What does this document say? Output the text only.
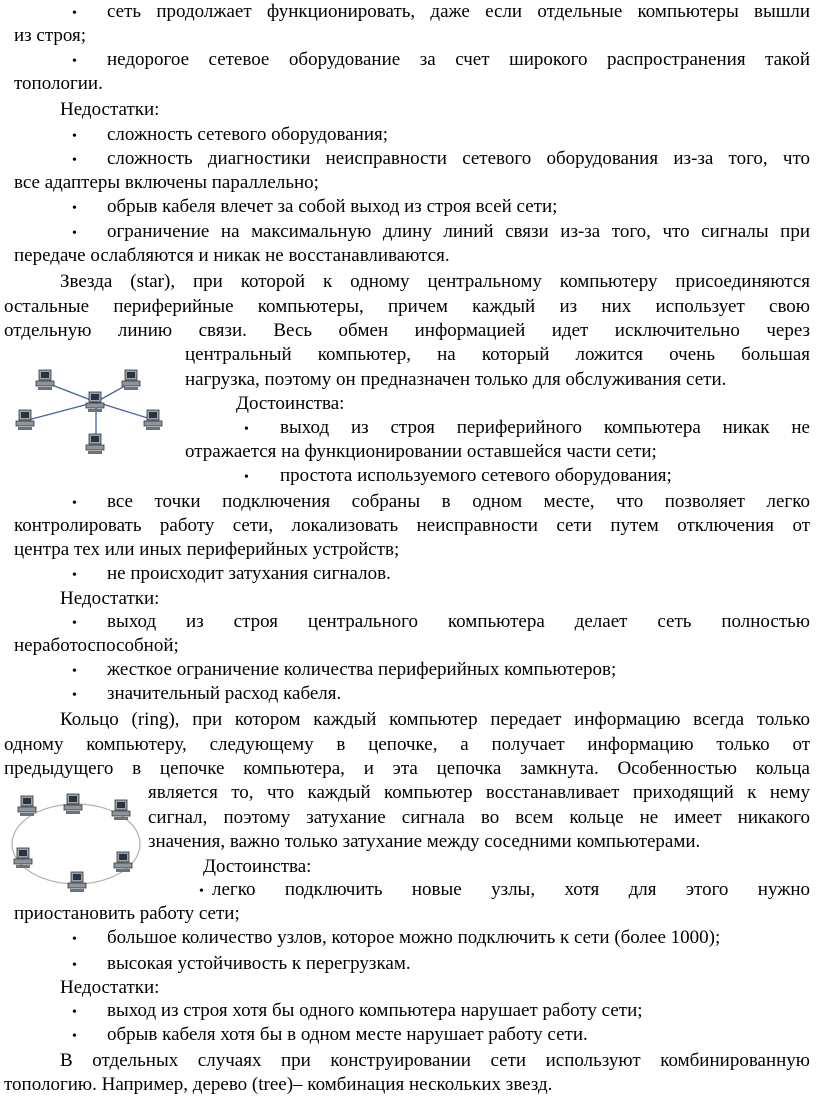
•
•
•
•
•
•
•
•
•
•
•
•
•
•
•
•
•
•
сеть продолжает функционировать, даже если отдельные компьютеры вышли
из строя;
недорогое сетевое оборудование за счет широкого распространения такой
топологии.
Недостатки:
сложность сетевого оборудования;
сложность диагностики неисправности сетевого оборудования из-за того, что
все адаптеры включены параллельно;
обрыв кабеля влечет за собой выход из строя всей сети;
ограничение на максимальную длину линий связи из-за того, что сигналы при
передаче ослабляются и никак не восстанавливаются.
Звезда (star), при которой к одному центральному компьютеру присоединяются
остальные периферийные компьютеры, причем каждый из них использует свою
отдельную линию связи. Весь обмен информацией идет исключительно через
центральный компьютер, на который ложится очень большая
нагрузка, поэтому он предназначен только для обслуживания сети.
Достоинства:
выход из строя периферийного компьютера никак не
отражается на функционировании оставшейся части сети;
простота используемого сетевого оборудования;
все точки подключения собраны в одном месте, что позволяет легко
контролировать работу сети, локализовать неисправности сети путем отключения от
центра тех или иных периферийных устройств;
не происходит затухания сигналов.
Недостатки:
выход из строя центрального компьютера делает сеть полностью
неработоспособной;
жесткое ограничение количества периферийных компьютеров;
значительный расход кабеля.
Кольцо (ring), при котором каждый компьютер передает информацию всегда только
одному компьютеру, следующему в цепочке, а получает информацию только от
предыдущего в цепочке компьютера, и эта цепочка замкнута. Особенностью кольца
является то, что каждый компьютер восстанавливает приходящий к нему
сигнал, поэтому затухание сигнала во всем кольце не имеет никакого
значения, важно только затухание между соседними компьютерами.
Достоинства:
легко подключить новые узлы, хотя для этого нужно
приостановить работу сети;
большое количество узлов, которое можно подключить к сети (более 1000);
высокая устойчивость к перегрузкам.
Недостатки:
выход из строя хотя бы одного компьютера нарушает работу сети;
обрыв кабеля хотя бы в одном месте нарушает работу сети.
В отдельных случаях при конструировании сети используют комбинированную
топологию. Например, дерево (tree)– комбинация нескольких звезд.
